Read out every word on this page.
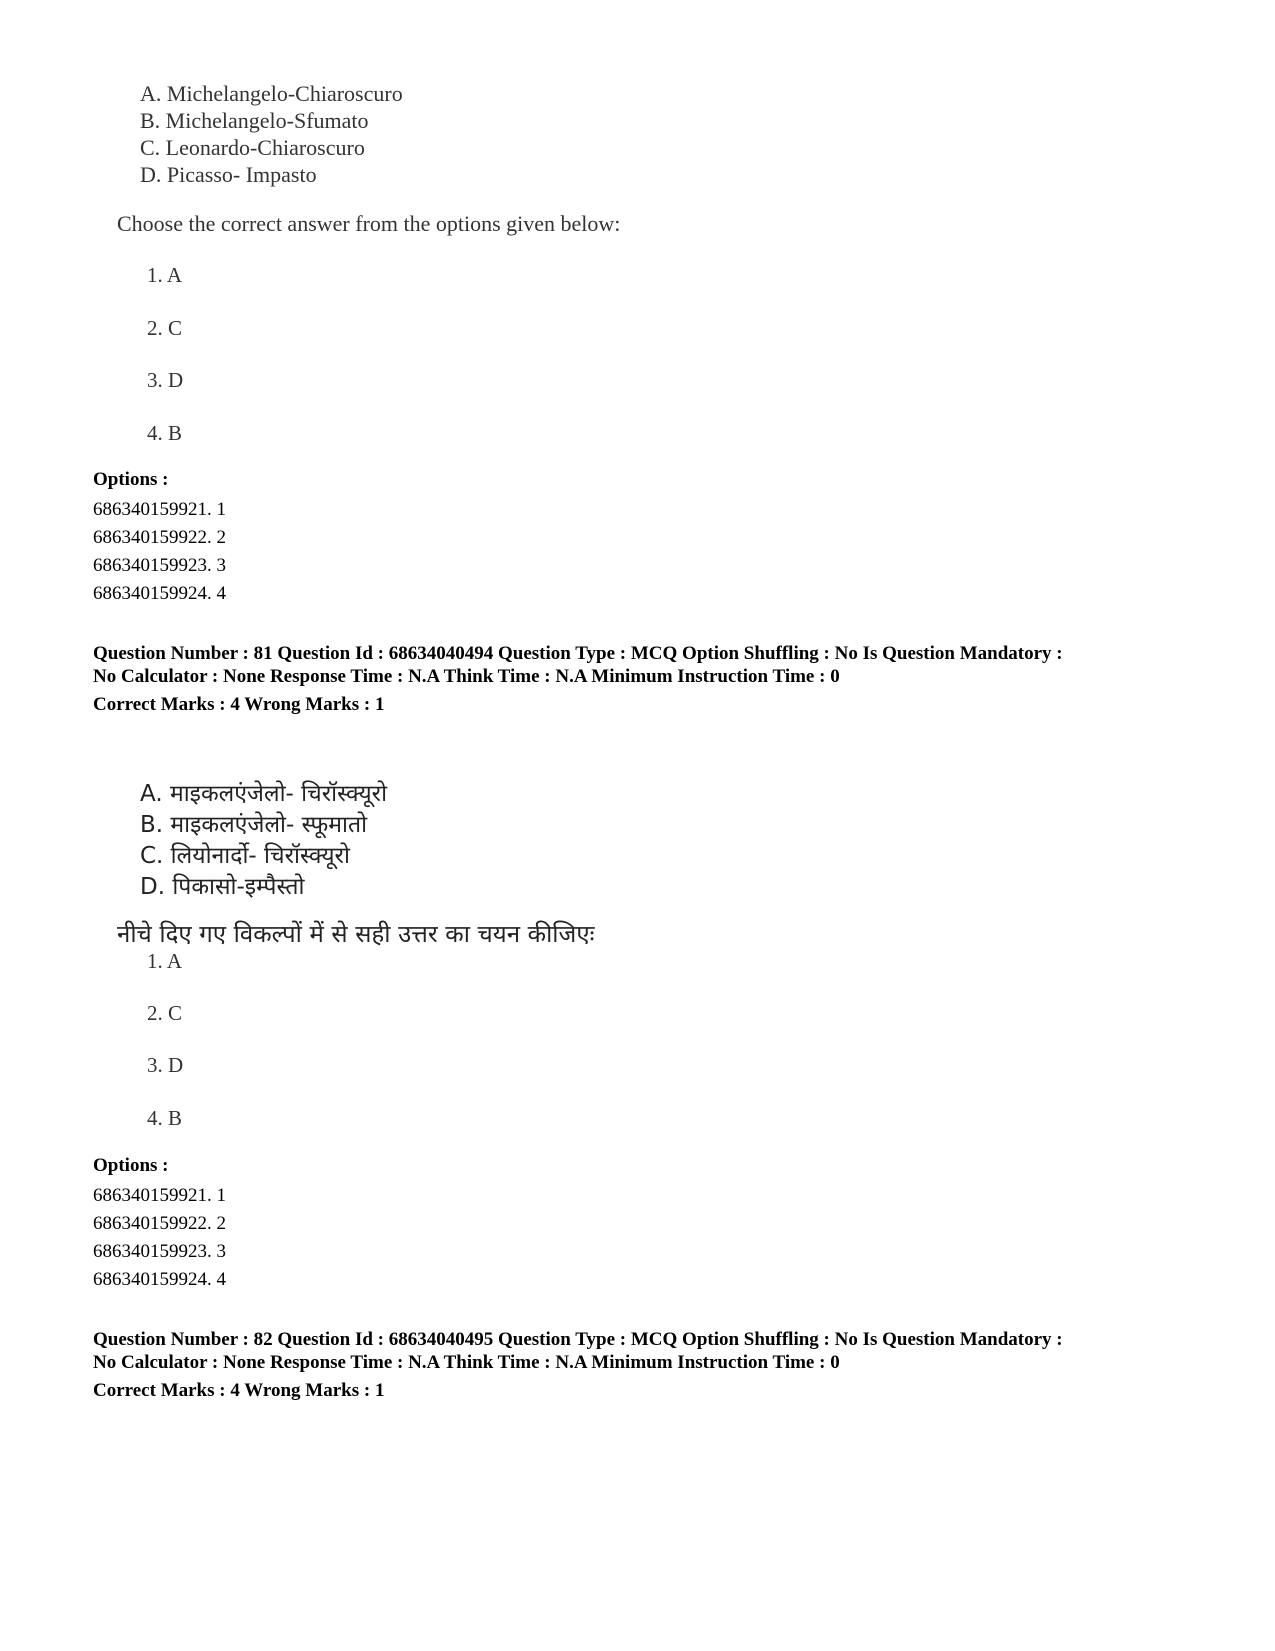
A. Michelangelo-Chiaroscuro
B. Michelangelo-Sfumato
C. Leonardo-Chiaroscuro
D. Picasso- Impasto
Choose the correct answer from the options given below:
1. A
2. C
3. D
4. B
Options :
686340159921. 1
686340159922. 2
686340159923. 3
686340159924. 4
Question Number : 81 Question Id : 68634040494 Question Type : MCQ Option Shuffling : No Is Question Mandatory :
No Calculator : None Response Time : N.A Think Time : N.A Minimum Instruction Time : 0
Correct Marks : 4 Wrong Marks : 1
A. माइकलएंजेलो- चिरॉस्क्यूरो
B. माइकलएंजेलो- स्फूमातो
C. लियोनार्दो- चिरॉस्क्यूरो
D. पिकासो-इम्पैस्तो
नीचे दिए गए विकल्पों में से सही उत्तर का चयन कीजिएः
1. A
2. C
3. D
4. B
Options :
686340159921. 1
686340159922. 2
686340159923. 3
686340159924. 4
Question Number : 82 Question Id : 68634040495 Question Type : MCQ Option Shuffling : No Is Question Mandatory :
No Calculator : None Response Time : N.A Think Time : N.A Minimum Instruction Time : 0
Correct Marks : 4 Wrong Marks : 1
